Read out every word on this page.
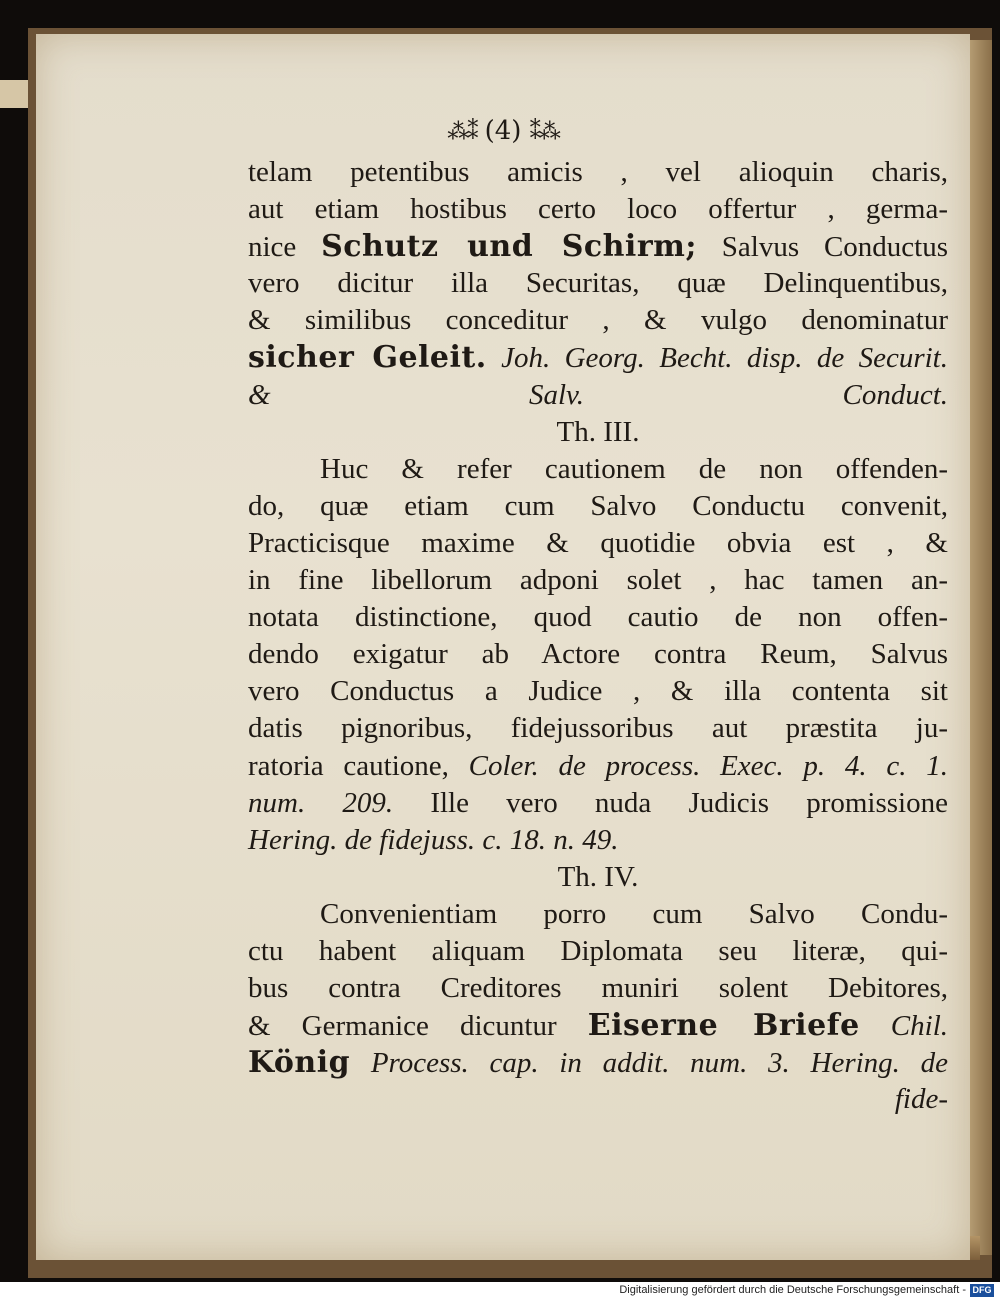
⁂⁑ (4) ⁑⁂
telam petentibus amicis , vel alioquin charis,
aut etiam hostibus certo loco offertur , germa-
nice Schutz und Schirm; Salvus Conductus
vero dicitur illa Securitas, quæ Delinquentibus,
& similibus conceditur , & vulgo denominatur
sicher Geleit. Joh. Georg. Becht. disp. de Securit.
& Salv. Conduct.
Th. III.
Huc & refer cautionem de non offenden-
do, quæ etiam cum Salvo Conductu convenit,
Practicisque maxime & quotidie obvia est , &
in fine libellorum adponi solet , hac tamen an-
notata distinctione, quod cautio de non offen-
dendo exigatur ab Actore contra Reum, Salvus
vero Conductus a Judice , & illa contenta sit
datis pignoribus, fidejussoribus aut præstita ju-
ratoria cautione, Coler. de process. Exec. p. 4. c. 1.
num. 209. Ille vero nuda Judicis promissione
Hering. de fidejuss. c. 18. n. 49.
Th. IV.
Convenientiam porro cum Salvo Condu-
ctu habent aliquam Diplomata seu literæ, qui-
bus contra Creditores muniri solent Debitores,
& Germanice dicuntur Eiserne Briefe Chil.
König Process. cap. in addit. num. 3. Hering. de
fide-
Digitalisierung gefördert durch die Deutsche Forschungsgemeinschaft - DFG
